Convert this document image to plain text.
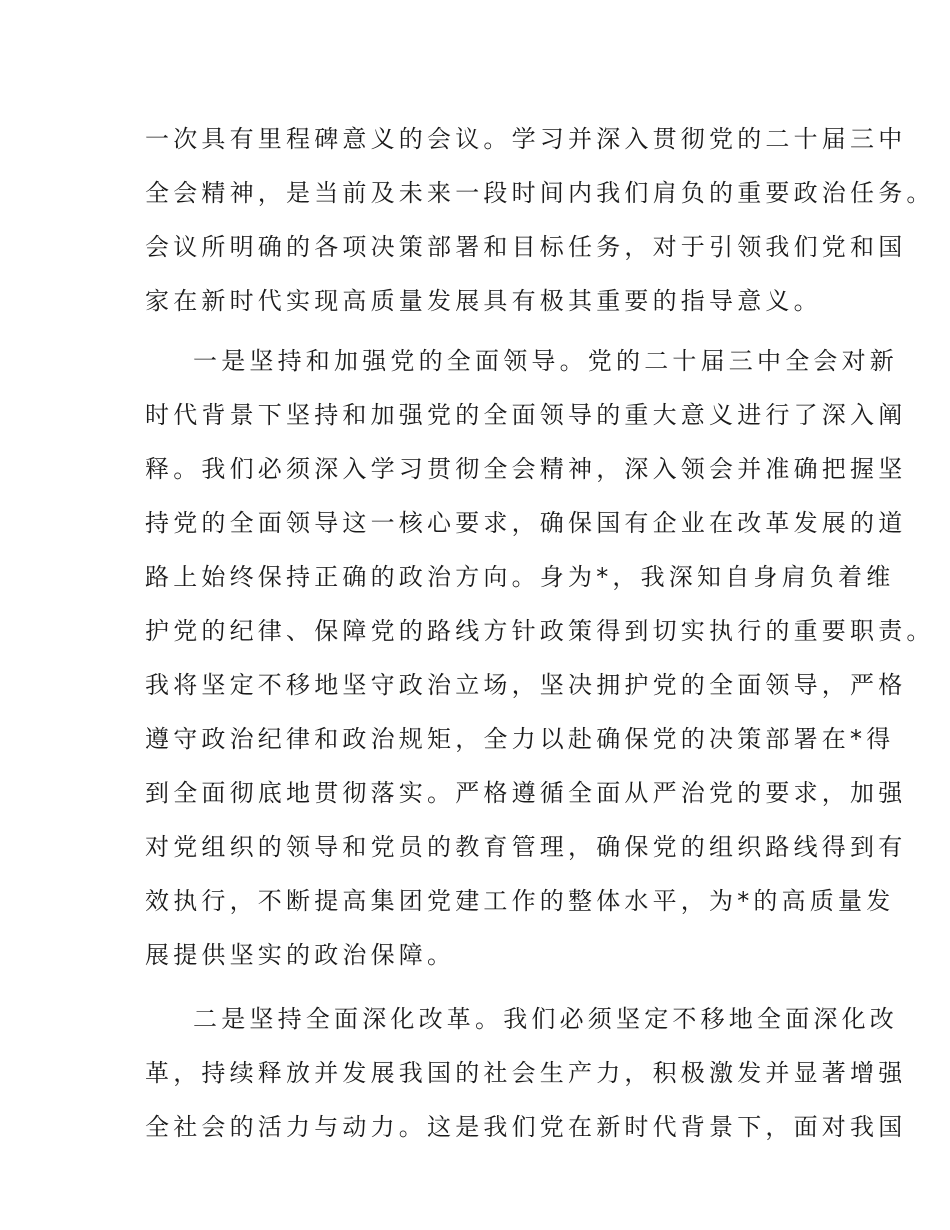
一次具有里程碑意义的会议。学习并深入贯彻党的二十届三中
全会精神，是当前及未来一段时间内我们肩负的重要政治任务。
会议所明确的各项决策部署和目标任务，对于引领我们党和国
家在新时代实现高质量发展具有极其重要的指导意义。
一是坚持和加强党的全面领导。党的二十届三中全会对新
时代背景下坚持和加强党的全面领导的重大意义进行了深入阐
释。我们必须深入学习贯彻全会精神，深入领会并准确把握坚
持党的全面领导这一核心要求，确保国有企业在改革发展的道
路上始终保持正确的政治方向。身为*，我深知自身肩负着维
护党的纪律、保障党的路线方针政策得到切实执行的重要职责。
我将坚定不移地坚守政治立场，坚决拥护党的全面领导，严格
遵守政治纪律和政治规矩，全力以赴确保党的决策部署在*得
到全面彻底地贯彻落实。严格遵循全面从严治党的要求，加强
对党组织的领导和党员的教育管理，确保党的组织路线得到有
效执行，不断提高集团党建工作的整体水平，为*的高质量发
展提供坚实的政治保障。
二是坚持全面深化改革。我们必须坚定不移地全面深化改
革，持续释放并发展我国的社会生产力，积极激发并显著增强
全社会的活力与动力。这是我们党在新时代背景下，面对我国
